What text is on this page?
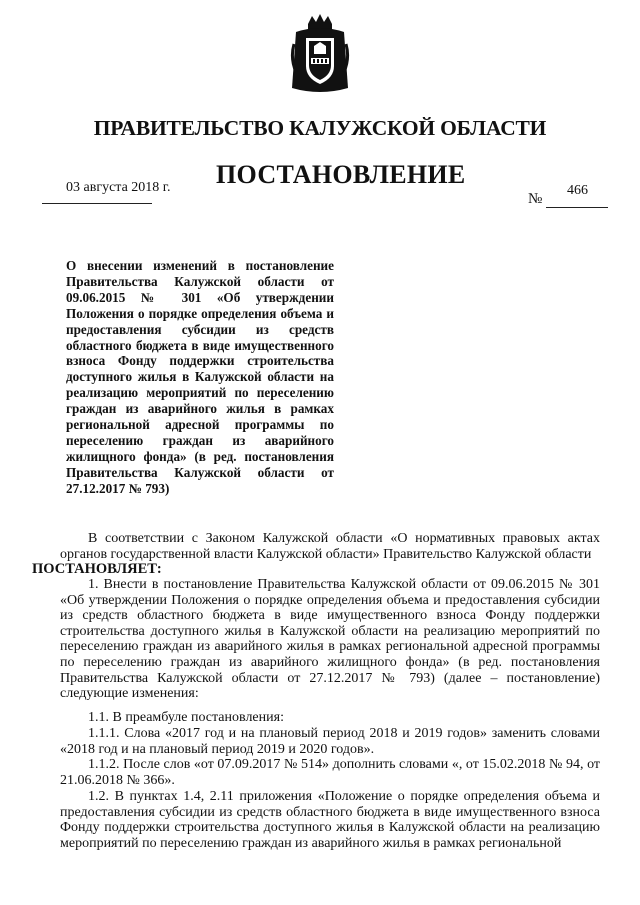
ПРАВИТЕЛЬСТВО КАЛУЖСКОЙ ОБЛАСТИ
ПОСТАНОВЛЕНИЕ
03 августа 2018 г.
№
466
О внесении изменений в постановление Правительства Калужской области от 09.06.2015 № 301 «Об утверждении Положения о порядке определения объема и предоставления субсидии из средств областного бюджета в виде имущественного взноса Фонду поддержки строительства доступного жилья в Калужской области на реализацию мероприятий по переселению граждан из аварийного жилья в рамках региональной адресной программы по переселению граждан из аварийного жилищного фонда» (в ред. постановления Правительства Калужской области от 27.12.2017 № 793)

В соответствии с Законом Калужской области «О нормативных правовых актах органов государственной власти Калужской области» Правительство Калужской области
ПОСТАНОВЛЯЕТ:

1. Внести в постановление Правительства Калужской области от 09.06.2015 № 301 «Об утверждении Положения о порядке определения объема и предоставления субсидии из средств областного бюджета в виде имущественного взноса Фонду поддержки строительства доступного жилья в Калужской области на реализацию мероприятий по переселению граждан из аварийного жилья в рамках региональной адресной программы по переселению граждан из аварийного жилищного фонда» (в ред. постановления Правительства Калужской области от 27.12.2017 № 793) (далее – постановление) следующие изменения:

1.1. В преамбуле постановления:

1.1.1. Слова «2017 год и на плановый период 2018 и 2019 годов» заменить словами «2018 год и на плановый период 2019 и 2020 годов».

1.1.2. После слов «от 07.09.2017 № 514» дополнить словами «, от 15.02.2018 № 94, от 21.06.2018 № 366».

1.2. В пунктах 1.4, 2.11 приложения «Положение о порядке определения объема и предоставления субсидии из средств областного бюджета в виде имущественного взноса Фонду поддержки строительства доступного жилья в Калужской области на реализацию мероприятий по переселению граждан из аварийного жилья в рамках региональной
